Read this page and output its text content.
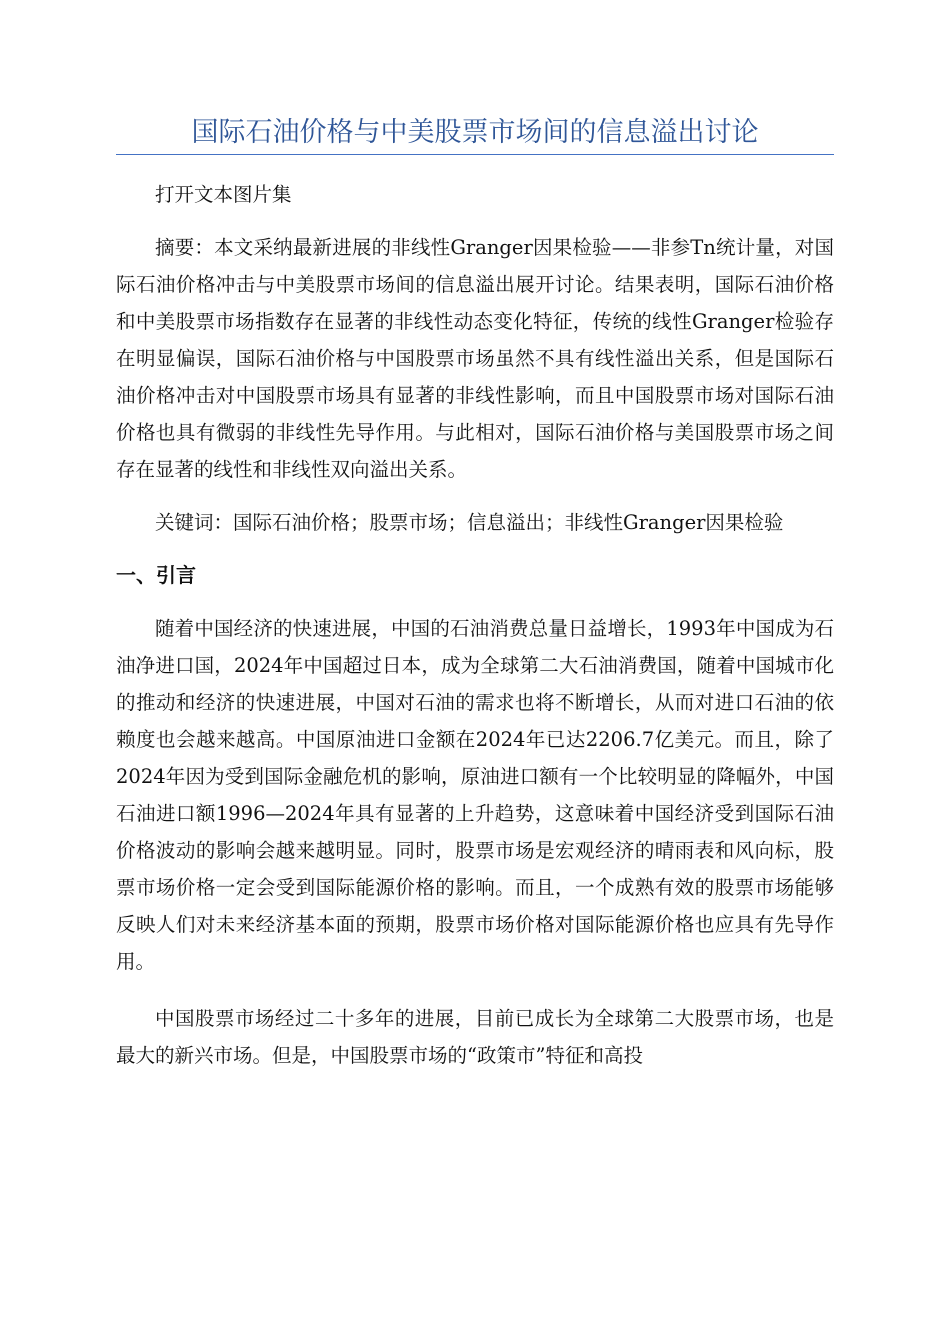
国际石油价格与中美股票市场间的信息溢出讨论

打开文本图片集

摘要：本文采纳最新进展的非线性Granger因果检验——非参Tn统计量，对国际石油价格冲击与中美股票市场间的信息溢出展开讨论。结果表明，国际石油价格和中美股票市场指数存在显著的非线性动态变化特征，传统的线性Granger检验存在明显偏误，国际石油价格与中国股票市场虽然不具有线性溢出关系，但是国际石油价格冲击对中国股票市场具有显著的非线性影响，而且中国股票市场对国际石油价格也具有微弱的非线性先导作用。与此相对，国际石油价格与美国股票市场之间存在显著的线性和非线性双向溢出关系。

关键词：国际石油价格；股票市场；信息溢出；非线性Granger因果检验

一、引言

随着中国经济的快速进展，中国的石油消费总量日益增长，1993年中国成为石油净进口国，2024年中国超过日本，成为全球第二大石油消费国，随着中国城市化的推动和经济的快速进展，中国对石油的需求也将不断增长，从而对进口石油的依赖度也会越来越高。中国原油进口金额在2024年已达2206.7亿美元。而且，除了2024年因为受到国际金融危机的影响，原油进口额有一个比较明显的降幅外，中国石油进口额1996—2024年具有显著的上升趋势，这意味着中国经济受到国际石油价格波动的影响会越来越明显。同时，股票市场是宏观经济的晴雨表和风向标，股票市场价格一定会受到国际能源价格的影响。而且，一个成熟有效的股票市场能够反映人们对未来经济基本面的预期，股票市场价格对国际能源价格也应具有先导作用。

中国股票市场经过二十多年的进展，目前已成长为全球第二大股票市场，也是最大的新兴市场。但是，中国股票市场的“政策市”特征和高投
